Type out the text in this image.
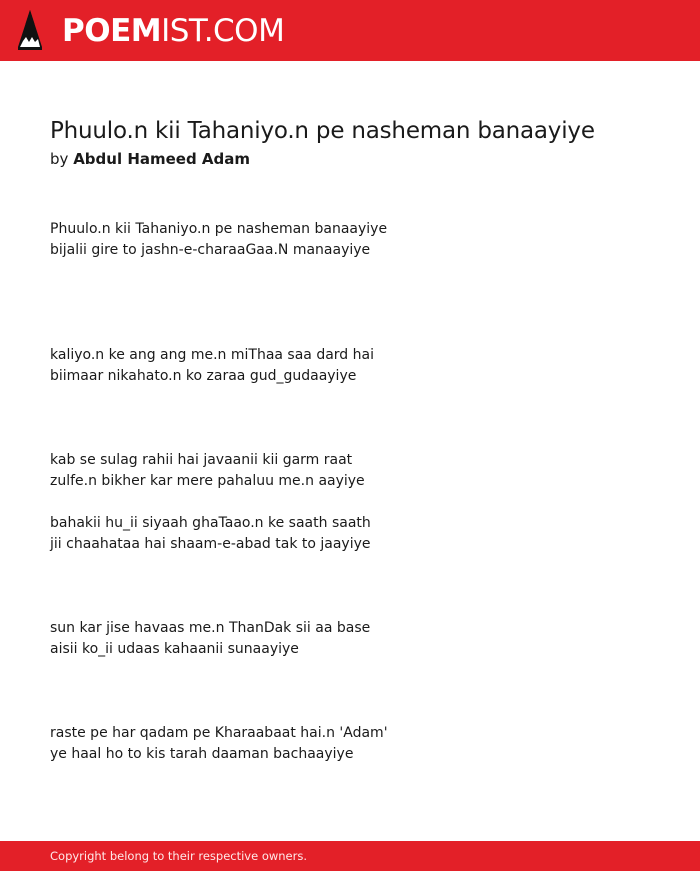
POEMIST.COM
Phuulo.n kii Tahaniyo.n pe nasheman banaayiye
by Abdul Hameed Adam
Phuulo.n kii Tahaniyo.n pe nasheman banaayiye
bijalii gire to jashn-e-charaaGaa.N manaayiye
kaliyo.n ke ang ang me.n miThaa saa dard hai
biimaar nikahato.n ko zaraa gud_gudaayiye
kab se sulag rahii hai javaanii kii garm raat
zulfe.n bikher kar mere pahaluu me.n aayiye
bahakii hu_ii siyaah ghaTaao.n ke saath saath
jii chaahataa hai shaam-e-abad tak to jaayiye
sun kar jise havaas me.n ThanDak sii aa base
aisii ko_ii udaas kahaanii sunaayiye
raste pe har qadam pe Kharaabaat hai.n 'Adam'
ye haal ho to kis tarah daaman bachaayiye
Copyright belong to their respective owners.
